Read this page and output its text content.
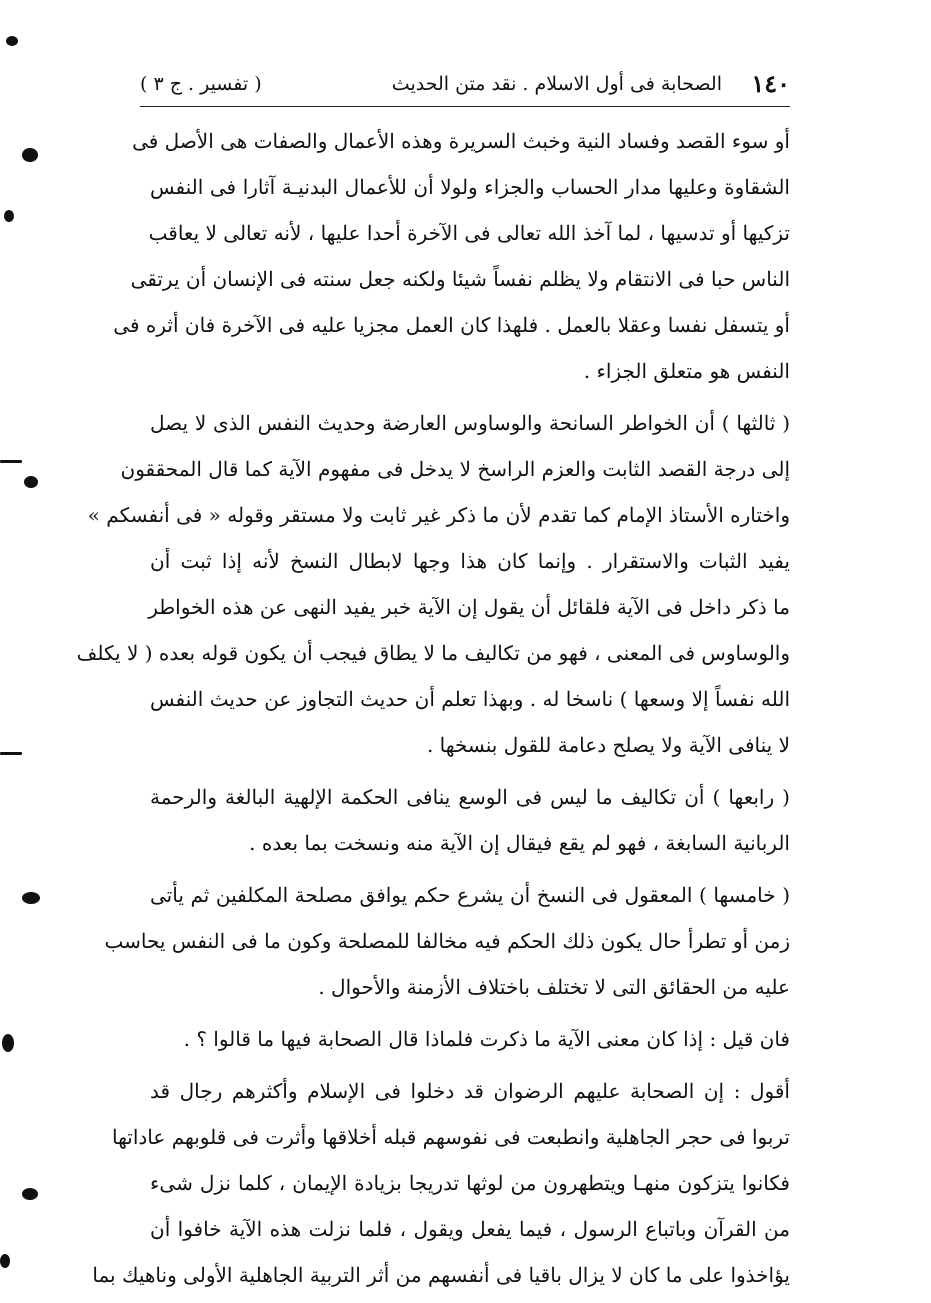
١٤٠
الصحابة فى أول الاسلام . نقد متن الحديث
( تفسير . ج ٣ )
أو سوء القصد وفساد النية وخبث السريرة وهذه الأعمال والصفات هى الأصل فى
الشقاوة وعليها مدار الحساب والجزاء ولولا أن للأعمال البدنيـة آثارا فى النفس
تزكيها أو تدسيها ، لما آخذ الله تعالى فى الآخرة أحدا عليها ، لأنه تعالى لا يعاقب
الناس حبا فى الانتقام ولا يظلم نفساً شيئا ولكنه جعل سنته فى الإنسان أن يرتقى
أو يتسفل نفسا وعقلا بالعمل . فلهذا كان العمل مجزيا عليه فى الآخرة فان أثره فى
النفس هو متعلق الجزاء .
( ثالثها ) أن الخواطر السانحة والوساوس العارضة وحديث النفس الذى لا يصل
إلى درجة القصد الثابت والعزم الراسخ لا يدخل فى مفهوم الآية كما قال المحققون
واختاره الأستاذ الإمام كما تقدم لأن ما ذكر غير ثابت ولا مستقر وقوله « فى أنفسكم »
يفيد الثبات والاستقرار . وإنما كان هذا وجها لابطال النسخ لأنه إذا ثبت أن
ما ذكر داخل فى الآية فلقائل أن يقول إن الآية خبر يفيد النهى عن هذه الخواطر
والوساوس فى المعنى ، فهو من تكاليف ما لا يطاق فيجب أن يكون قوله بعده ( لا يكلف
الله نفساً إلا وسعها ) ناسخا له . وبهذا تعلم أن حديث التجاوز عن حديث النفس
لا ينافى الآية ولا يصلح دعامة للقول بنسخها .
( رابعها ) أن تكاليف ما ليس فى الوسع ينافى الحكمة الإلهية البالغة والرحمة
الربانية السابغة ، فهو لم يقع فيقال إن الآية منه ونسخت بما بعده .
( خامسها ) المعقول فى النسخ أن يشرع حكم يوافق مصلحة المكلفين ثم يأتى
زمن أو تطرأ حال يكون ذلك الحكم فيه مخالفا للمصلحة وكون ما فى النفس يحاسب
عليه من الحقائق التى لا تختلف باختلاف الأزمنة والأحوال .
فان قيل : إذا كان معنى الآية ما ذكرت فلماذا قال الصحابة فيها ما قالوا ؟ .
أقول : إن الصحابة عليهم الرضوان قد دخلوا فى الإسلام وأكثرهم رجال قد
تربوا فى حجر الجاهلية وانطبعت فى نفوسهم قبله أخلاقها وأثرت فى قلوبهم عاداتها
فكانوا يتزكون منهـا ويتطهرون من لوثها تدريجا بزيادة الإيمان ، كلما نزل شىء
من القرآن وباتباع الرسول ، فيما يفعل ويقول ، فلما نزلت هذه الآية خافوا أن
يؤاخذوا على ما كان لا يزال باقيا فى أنفسهم من أثر التربية الجاهلية الأولى وناهيك بما
